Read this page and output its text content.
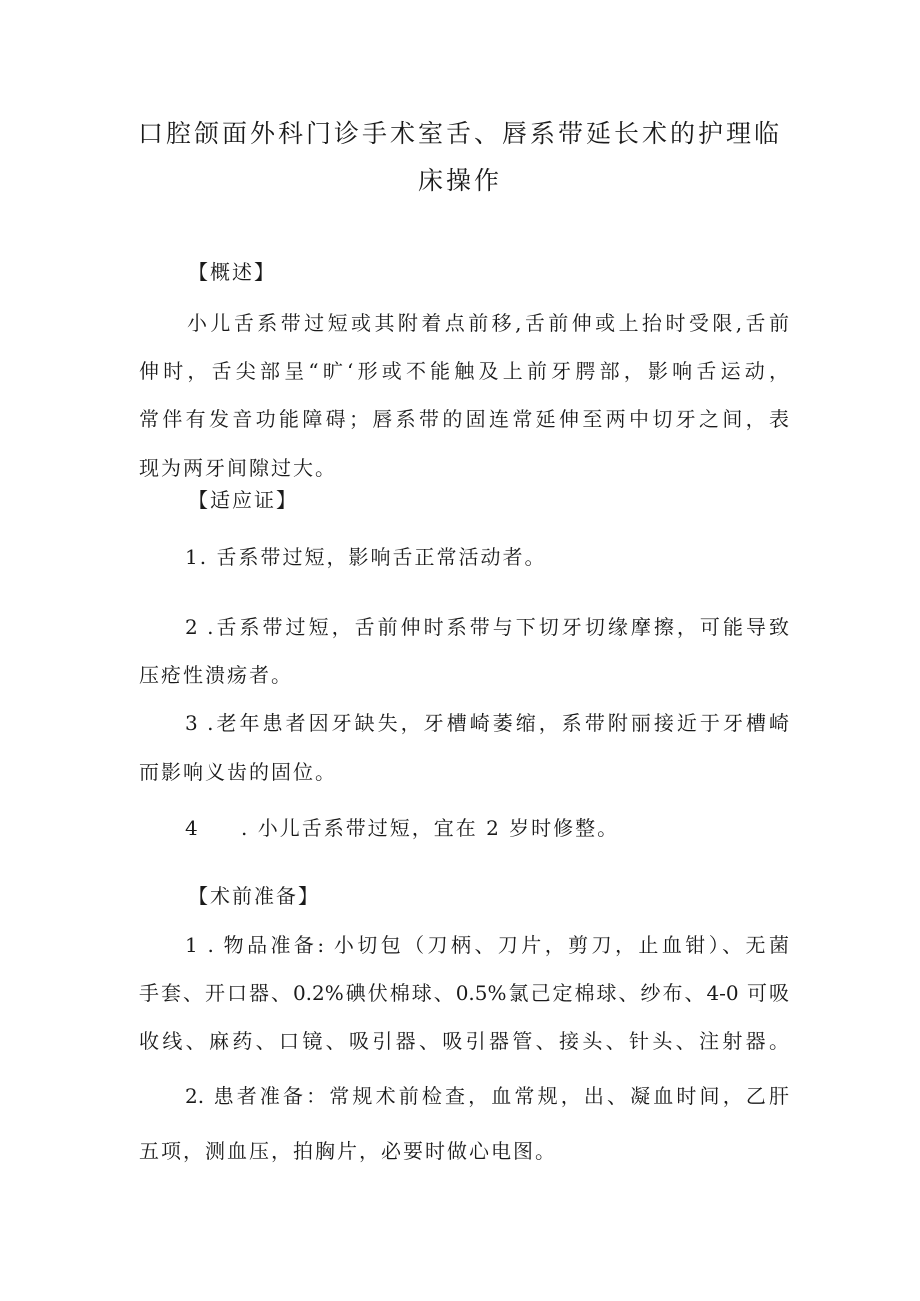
口腔颌面外科门诊手术室舌、唇系带延长术的护理临
床操作
【概述】
小儿舌系带过短或其附着点前移,舌前伸或上抬时受限,舌前
伸时，舌尖部呈“旷‘形或不能触及上前牙腭部，影响舌运动，
常伴有发音功能障碍；唇系带的固连常延伸至两中切牙之间，表
现为两牙间隙过大。
【适应证】
1. 舌系带过短，影响舌正常活动者。
2 .舌系带过短，舌前伸时系带与下切牙切缘摩擦，可能导致
压疮性溃疡者。
3 .老年患者因牙缺失，牙槽崎萎缩，系带附丽接近于牙槽崎
而影响义齿的固位。
4	. 小儿舌系带过短，宜在 2 岁时修整。
【术前准备】
1 . 物品准备: 小切包（刀柄、刀片，剪刀，止血钳）、无菌
手套、开口器、0.2%碘伏棉球、0.5%氯己定棉球、纱布、4-0 可吸
收线、麻药、口镜、吸引器、吸引器管、接头、针头、注射器。
2. 患者准备：常规术前检查，血常规，出、凝血时间，乙肝
五项，测血压，拍胸片，必要时做心电图。
